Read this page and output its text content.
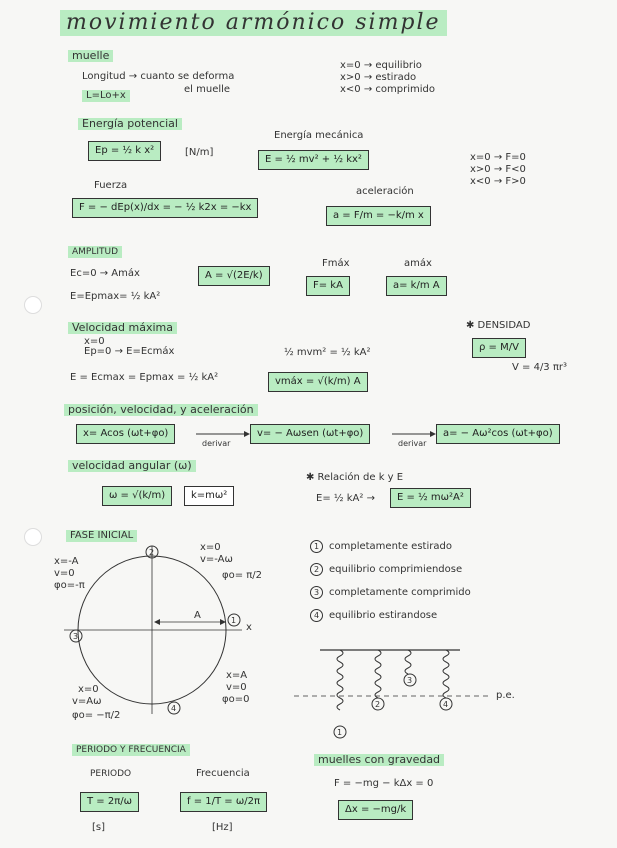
movimiento armónico simple
muelle
Longitud → cuanto se deforma
el muelle
L=Lo+x
x=0 → equilibrio
x>0 → estirado
x<0 → comprimido
Energía potencial
Ep = ½ k x²	[N/m]
Energía mecánica
E = ½ mv² + ½ kx²	x=0 → F=0
x>0 → F<0
x<0 → F>0
Fuerza
F = − dEp(x)/dx = − ½ k2x = −kx
aceleración
a = F/m = −k/m x
AMPLITUD
Ec=0 → Amáx
E=Epmax= ½ kA²
A = √(2E/k)
Fmáx
F= kA
amáx
a= k/m A
✱ DENSIDAD
ρ = M/V
V = 4/3 πr³
Velocidad máxima
x=0
Ep=0 → E=Ecmáx
E = Ecmax = Epmax = ½ kA²
½ mvm² = ½ kA²
vmáx = √(k/m) A
posición, velocidad, y aceleración
x= Acos (ωt+φo)
derivar
v= − Aωsen (ωt+φo)
derivar
a= − Aω²cos (ωt+φo)
velocidad angular (ω)
ω = √(k/m)	k=mω²
✱ Relación de k y E
E= ½ kA² →	E = ½ mω²A²
FASE INICIAL
2
3
1
4
A
x
x=0
v=-Aω
φo= π/2
x=-A
v=0
φo=-π
x=0
v=Aω
φo= −π/2
x=A
v=0
φo=0
1 completamente estirado
2 equilibrio comprimiendose
3 completamente comprimido
4 equilibrio estirandose
1
2
3
4
p.e.
PERIODO Y FRECUENCIA
PERIODO
T = 2π/ω
[s]
Frecuencia
f = 1/T = ω/2π
[Hz]
muelles con gravedad
F = −mg − kΔx = 0
Δx = −mg/k
